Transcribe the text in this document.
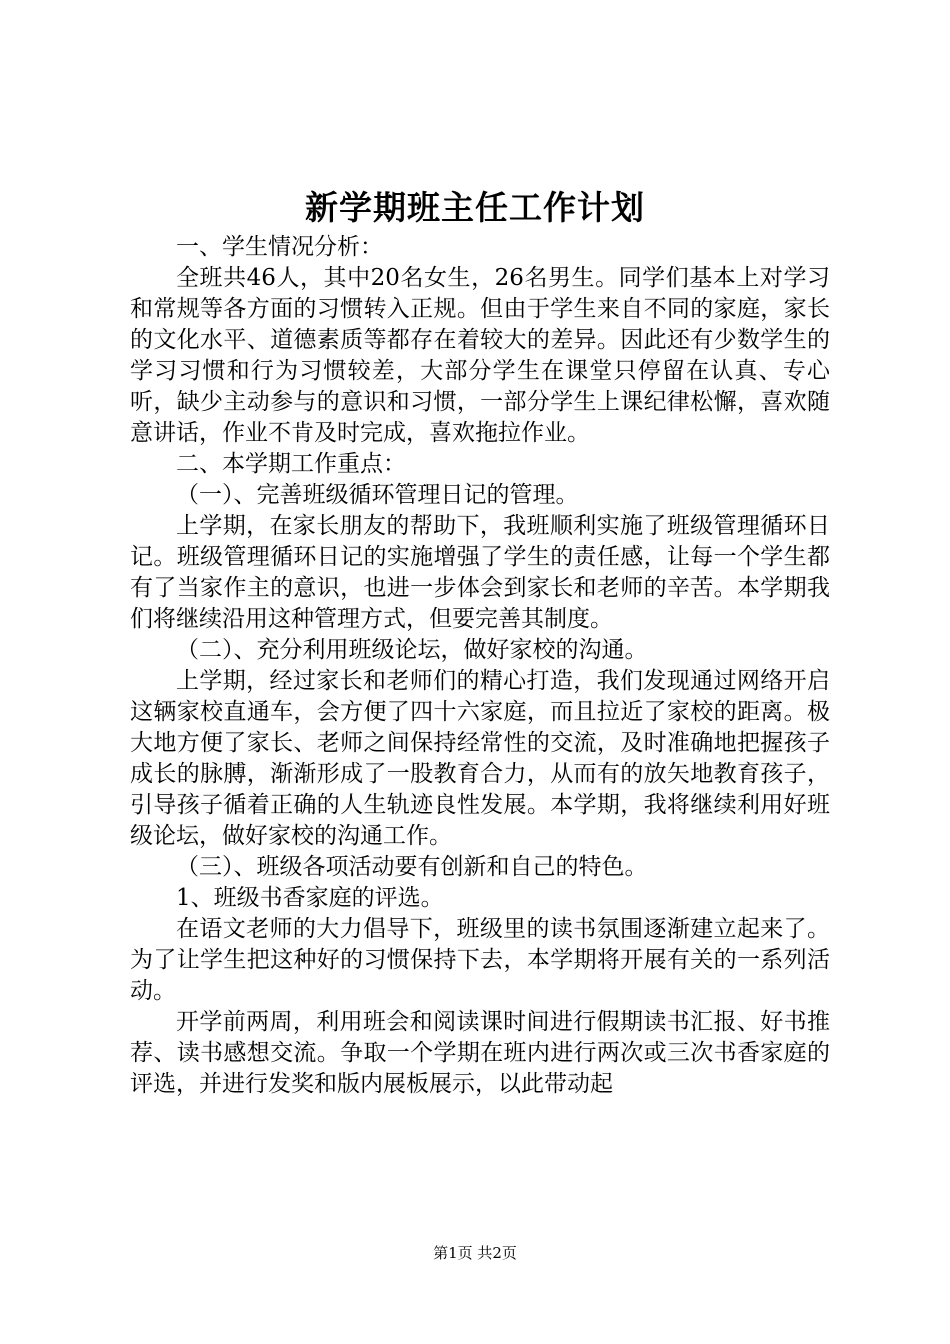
新学期班主任工作计划

一、学生情况分析：

全班共46人，其中20名女生，26名男生。同学们基本上对学习和常规等各方面的习惯转入正规。但由于学生来自不同的家庭，家长的文化水平、道德素质等都存在着较大的差异。因此还有少数学生的学习习惯和行为习惯较差，大部分学生在课堂只停留在认真、专心听，缺少主动参与的意识和习惯，一部分学生上课纪律松懈，喜欢随意讲话，作业不肯及时完成，喜欢拖拉作业。

二、本学期工作重点：

（一）、完善班级循环管理日记的管理。

上学期，在家长朋友的帮助下，我班顺利实施了班级管理循环日记。班级管理循环日记的实施增强了学生的责任感，让每一个学生都有了当家作主的意识，也进一步体会到家长和老师的辛苦。本学期我们将继续沿用这种管理方式，但要完善其制度。

（二）、充分利用班级论坛，做好家校的沟通。

上学期，经过家长和老师们的精心打造，我们发现通过网络开启这辆家校直通车，会方便了四十六家庭，而且拉近了家校的距离。极大地方便了家长、老师之间保持经常性的交流，及时准确地把握孩子成长的脉膊，渐渐形成了一股教育合力，从而有的放矢地教育孩子，引导孩子循着正确的人生轨迹良性发展。本学期，我将继续利用好班级论坛，做好家校的沟通工作。

（三）、班级各项活动要有创新和自己的特色。

1、班级书香家庭的评选。

在语文老师的大力倡导下，班级里的读书氛围逐渐建立起来了。为了让学生把这种好的习惯保持下去，本学期将开展有关的一系列活动。

开学前两周，利用班会和阅读课时间进行假期读书汇报、好书推荐、读书感想交流。争取一个学期在班内进行两次或三次书香家庭的评选，并进行发奖和版内展板展示，以此带动起

第1页 共2页
